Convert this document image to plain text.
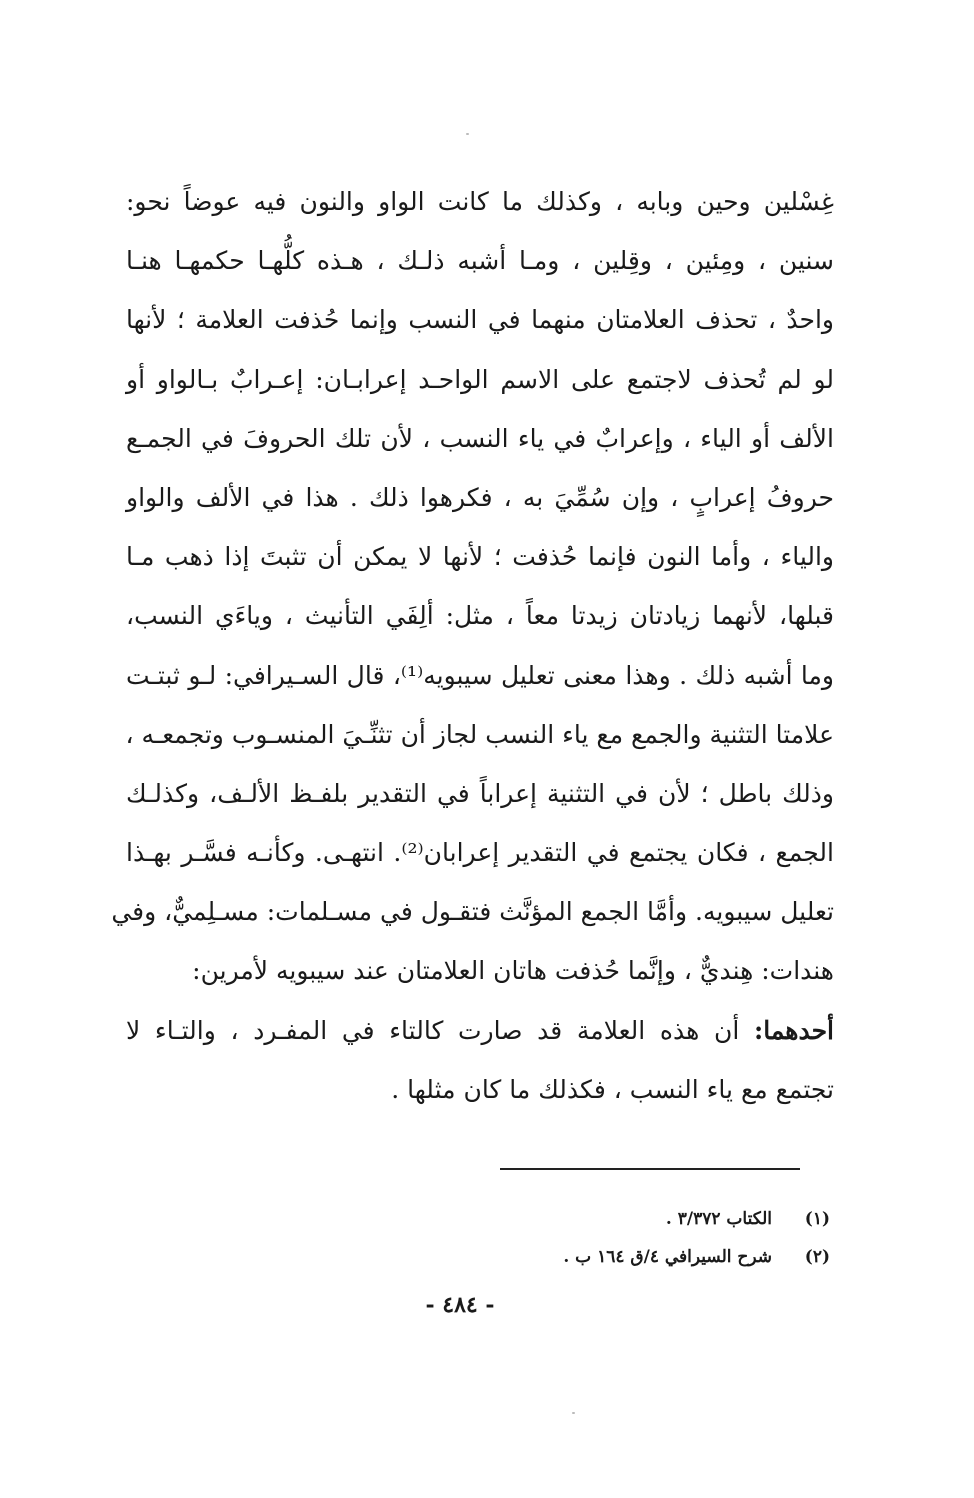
غِسْلين وحين وبابه ، وكذلك ما كانت الواو والنون فيه عوضاً نحو:
سنين ، ومِئين ، وقِلين ، ومـا أشبه ذلـك ، هـذه كلُّهـا حكمهـا هنـا
واحدٌ ، تحذف العلامتان منهما في النسب وإنما حُذفت العلامة ؛ لأنها
لو لم تُحذف لاجتمع على الاسم الواحـد إعرابـان: إعـرابٌ بـالواو أو
الألف أو الياء ، وإعرابٌ في ياء النسب ، لأن تلك الحروفَ في الجمـع
حروفُ إعرابٍ ، وإن سُمِّيَ به ، فكرهوا ذلك . هذا في الألف والواو
والياء ، وأما النون فإنما حُذفت ؛ لأنها لا يمكن أن تثبتَ إذا ذهب مـا
قبلها، لأنهما زيادتان زيدتا معاً ، مثل: ألِفَي التأنيث ، وياءَي النسب،
وما أشبه ذلك . وهذا معنى تعليل سيبويه⁽¹⁾، قال السـيرافي: لـو ثبتـت
علامتا التثنية والجمع مع ياء النسب لجاز أن تثنِّـيَ المنسـوب وتجمعـه ،
وذلك باطل ؛ لأن في التثنية إعراباً في التقدير بلفـظ الألـف، وكذلـك
الجمع ، فكان يجتمع في التقدير إعرابان⁽²⁾. انتهـى. وكأنـه فسَّـر بهـذا
تعليل سيبويه. وأمَّا الجمع المؤنَّث فتقـول في مسـلمات: مسـلِميٌّ، وفي
هندات: هِنديٌّ ، وإنَّما حُذفت هاتان العلامتان عند سيبويه لأمرين:
أحدهما: أن هذه العلامة قد صارت كالتاء في المفـرد ، والتـاء لا
تجتمع مع ياء النسب ، فكذلك ما كان مثلها .
(١)الكتاب ٣/٣٧٢ .
(٢)شرح السيرافي ٤/ق ١٦٤ ب .
- ٤٨٤ -
